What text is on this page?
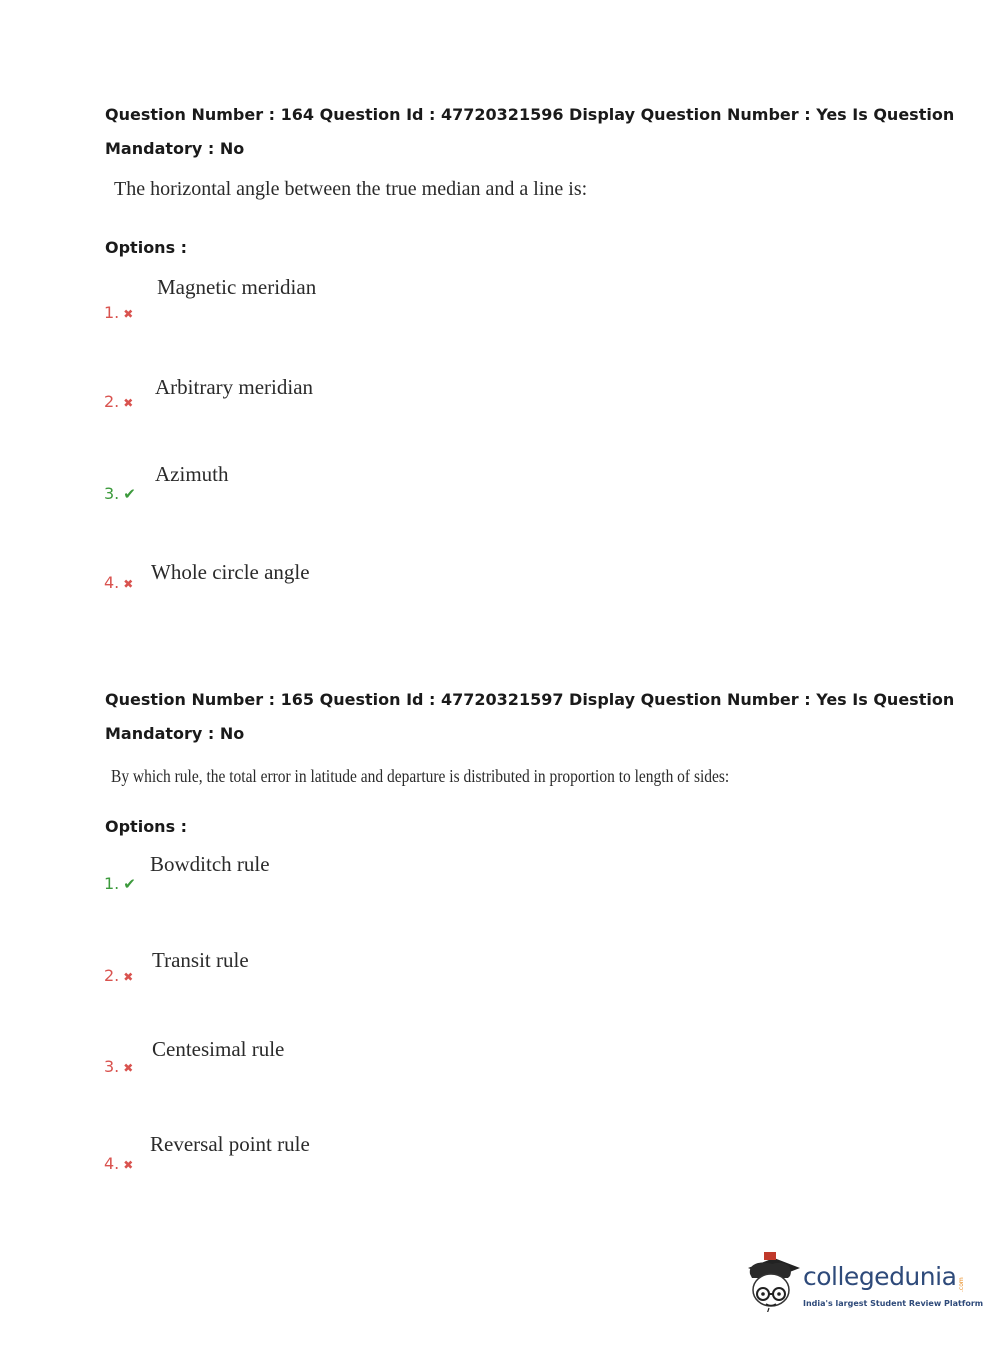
Question Number : 164 Question Id : 47720321596 Display Question Number : Yes Is Question
Mandatory : No
The horizontal angle between the true median and a line is:
Options :
Magnetic meridian
1. ✖
Arbitrary meridian
2. ✖
Azimuth
3. ✔
Whole circle angle
4. ✖
Question Number : 165 Question Id : 47720321597 Display Question Number : Yes Is Question
Mandatory : No
By which rule, the total error in latitude and departure is distributed in proportion to length of sides:
Options :
Bowditch rule
1. ✔
Transit rule
2. ✖
Centesimal rule
3. ✖
Reversal point rule
4. ✖
collegedunia .com
India's largest Student Review Platform
